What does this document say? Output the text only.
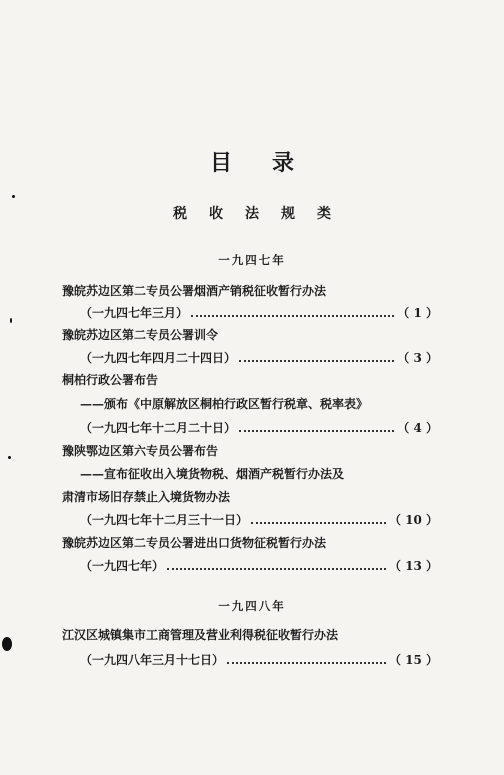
目录
税收法规类
一九四七年
豫皖苏边区第二专员公署烟酒产销税征收暂行办法
（一九四七年三月）	（ 1 ）
豫皖苏边区第二专员公署训令
（一九四七年四月二十四日）	（ 3 ）
桐柏行政公署布告
——颁布《中原解放区桐柏行政区暂行税章、税率表》
（一九四七年十二月二十日）	（ 4 ）
豫陕鄂边区第六专员公署布告
——宣布征收出入境货物税、烟酒产税暂行办法及
肃清市场旧存禁止入境货物办法
（一九四七年十二月三十一日）	（ 10 ）
豫皖苏边区第二专员公署进出口货物征税暂行办法
（一九四七年）	（ 13 ）
一九四八年
江汉区城镇集市工商管理及营业利得税征收暂行办法
（一九四八年三月十七日）	（ 15 ）
